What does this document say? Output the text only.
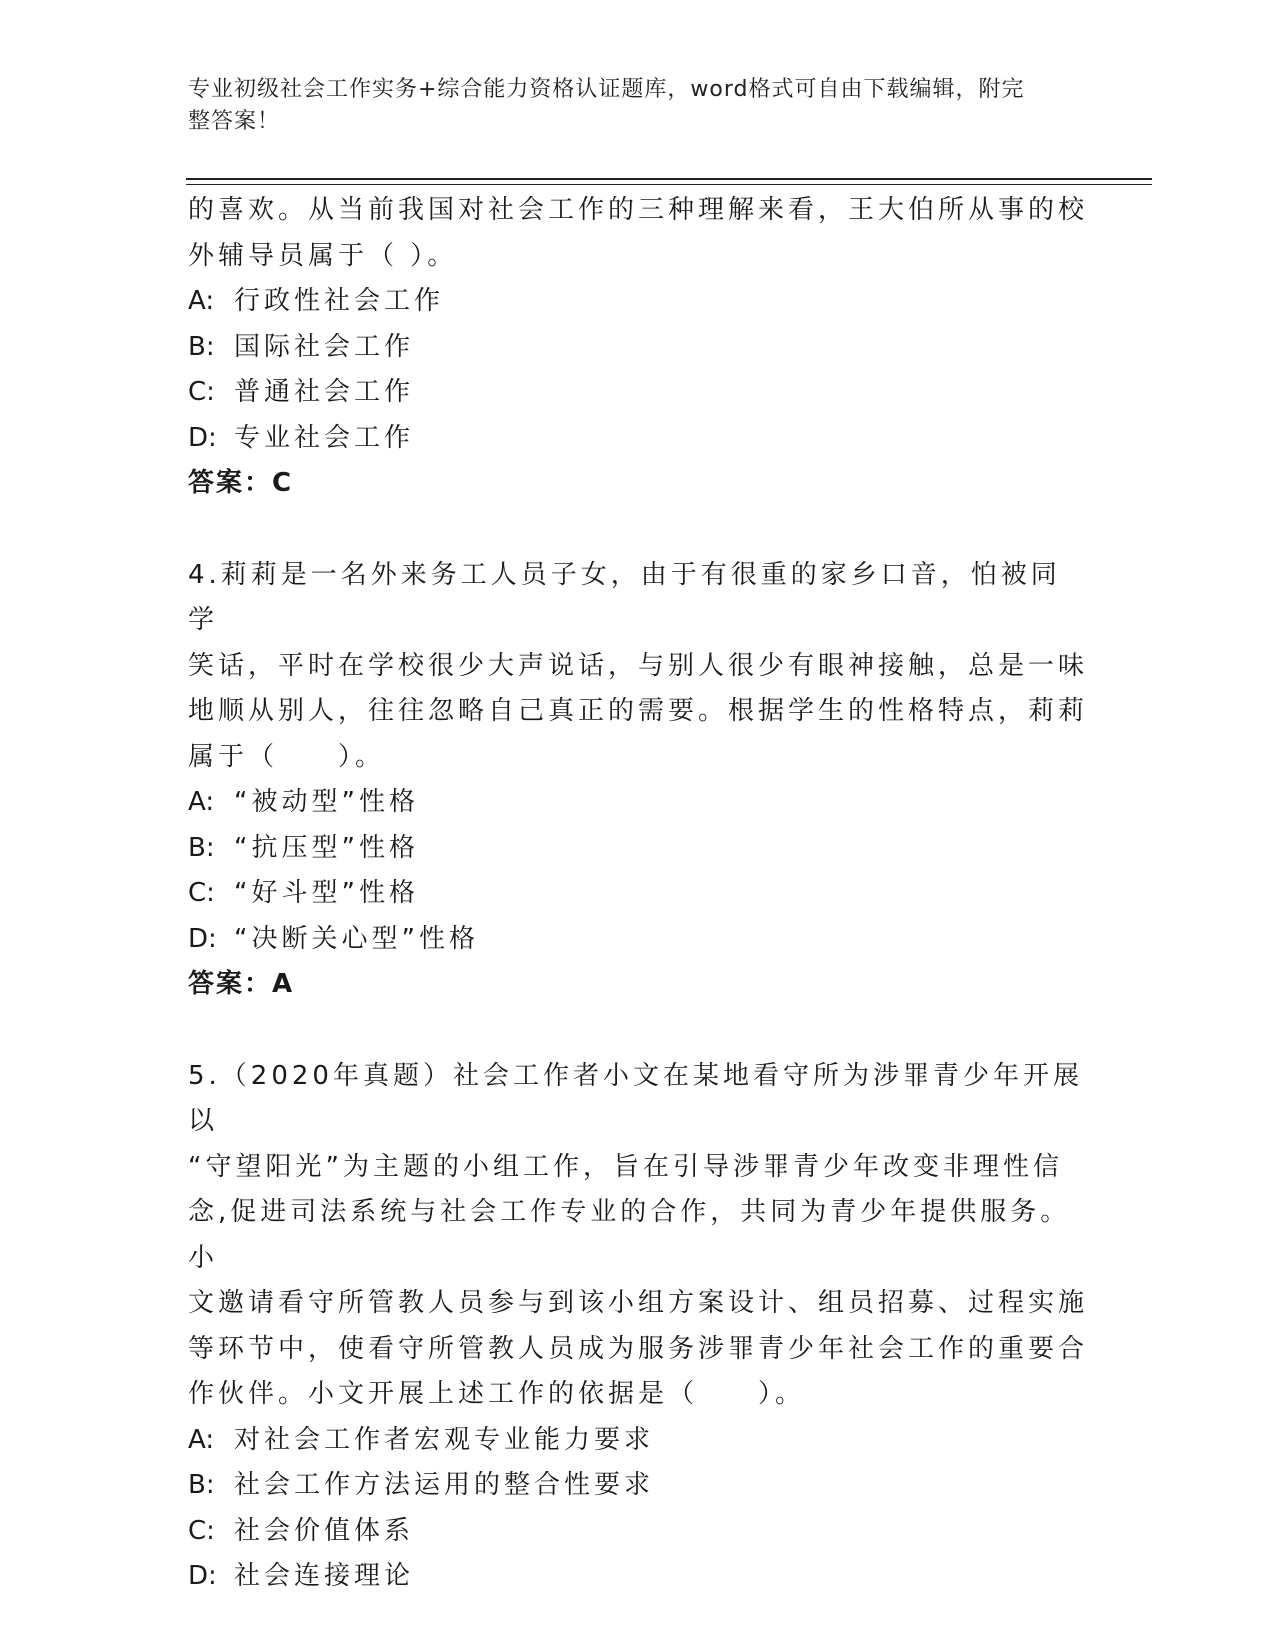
专业初级社会工作实务+综合能力资格认证题库，word格式可自由下载编辑，附完
整答案！

的喜欢。从当前我国对社会工作的三种理解来看，王大伯所从事的校

外辅导员属于（ ）。

A: 行政性社会工作

B: 国际社会工作

C: 普通社会工作

D: 专业社会工作

答案：C

4.莉莉是一名外来务工人员子女，由于有很重的家乡口音，怕被同学

笑话，平时在学校很少大声说话，与别人很少有眼神接触，总是一味

地顺从别人，往往忽略自己真正的需要。根据学生的性格特点，莉莉

属于（　　）。

A: “被动型”性格

B: “抗压型”性格

C: “好斗型”性格

D: “决断关心型”性格

答案：A

5.（2020年真题）社会工作者小文在某地看守所为涉罪青少年开展以

“守望阳光”为主题的小组工作，旨在引导涉罪青少年改变非理性信

念,促进司法系统与社会工作专业的合作，共同为青少年提供服务。小

文邀请看守所管教人员参与到该小组方案设计、组员招募、过程实施

等环节中，使看守所管教人员成为服务涉罪青少年社会工作的重要合

作伙伴。小文开展上述工作的依据是（　　）。

A: 对社会工作者宏观专业能力要求

B: 社会工作方法运用的整合性要求

C: 社会价值体系

D: 社会连接理论
